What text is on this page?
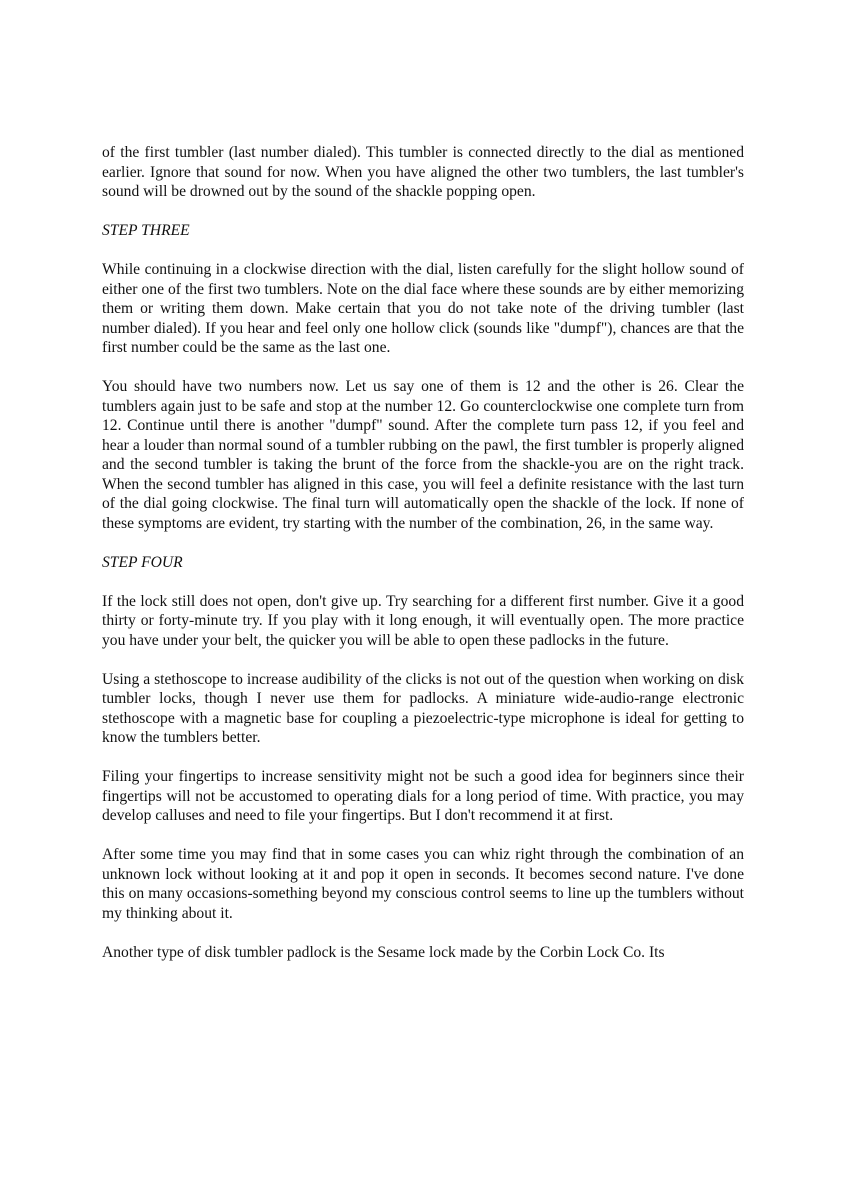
of the first tumbler (last number dialed). This tumbler is connected directly to the dial as mentioned earlier. Ignore that sound for now. When you have aligned the other two tumblers, the last tumbler's sound will be drowned out by the sound of the shackle popping open.

STEP THREE

While continuing in a clockwise direction with the dial, listen carefully for the slight hollow sound of either one of the first two tumblers. Note on the dial face where these sounds are by either memorizing them or writing them down. Make certain that you do not take note of the driving tumbler (last number dialed). If you hear and feel only one hollow click (sounds like "dumpf"), chances are that the first number could be the same as the last one.

You should have two numbers now. Let us say one of them is 12 and the other is 26. Clear the tumblers again just to be safe and stop at the number 12. Go counterclockwise one complete turn from 12. Continue until there is another "dumpf" sound. After the complete turn pass 12, if you feel and hear a louder than normal sound of a tumbler rubbing on the pawl, the first tumbler is properly aligned and the second tumbler is taking the brunt of the force from the shackle-you are on the right track. When the second tumbler has aligned in this case, you will feel a definite resistance with the last turn of the dial going clockwise. The final turn will automatically open the shackle of the lock. If none of these symptoms are evident, try starting with the number of the combination, 26, in the same way.

STEP FOUR

If the lock still does not open, don't give up. Try searching for a different first number. Give it a good thirty or forty-minute try. If you play with it long enough, it will eventually open. The more practice you have under your belt, the quicker you will be able to open these padlocks in the future.

Using a stethoscope to increase audibility of the clicks is not out of the question when working on disk tumbler locks, though I never use them for padlocks. A miniature wide-audio-range electronic stethoscope with a magnetic base for coupling a piezoelectric-type microphone is ideal for getting to know the tumblers better.

Filing your fingertips to increase sensitivity might not be such a good idea for beginners since their fingertips will not be accustomed to operating dials for a long period of time. With practice, you may develop calluses and need to file your fingertips. But I don't recommend it at first.

After some time you may find that in some cases you can whiz right through the combination of an unknown lock without looking at it and pop it open in seconds. It becomes second nature. I've done this on many occasions-something beyond my conscious control seems to line up the tumblers without my thinking about it.

Another type of disk tumbler padlock is the Sesame lock made by the Corbin Lock Co. Its
